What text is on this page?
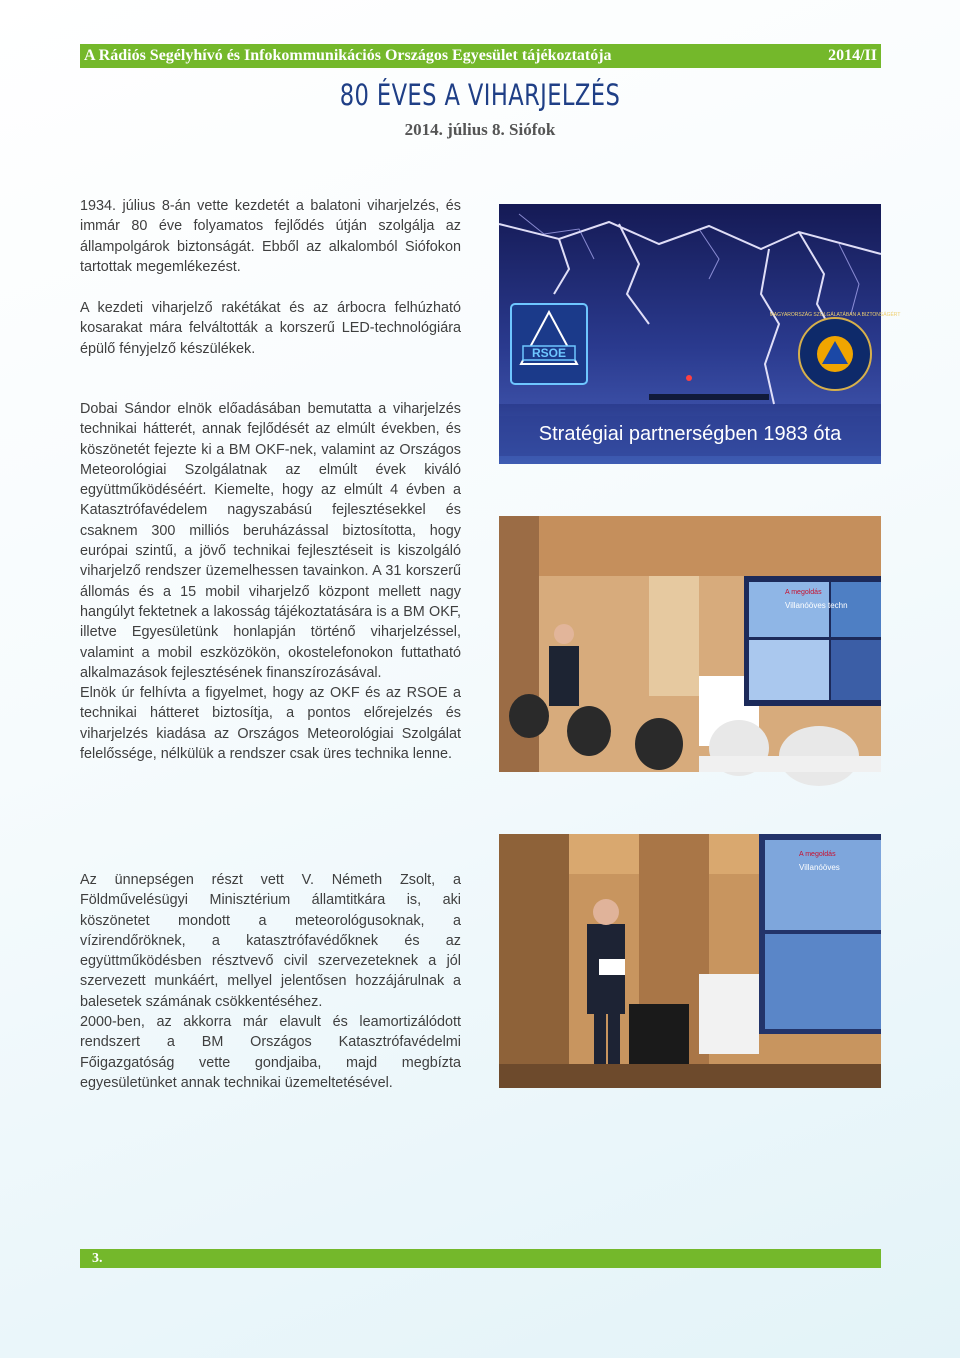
A Rádiós Segélyhívó és Infokommunikációs Országos Egyesület tájékoztatója	2014/II
80 ÉVES A VIHARJELZÉS
2014. július 8. Siófok

1934. július 8-án vette kezdetét a balatoni viharjelzés, és immár 80 éve folyamatos fejlődés útján szolgálja az állampolgárok biztonságát. Ebből az alkalomból Siófokon tartottak megemlékezést.

A kezdeti viharjelző rakétákat és az árbocra felhúzható kosarakat mára felváltották a korszerű LED-technológiára épülő fényjelző készülékek.

Dobai Sándor elnök előadásában bemutatta a viharjelzés technikai hátterét, annak fejlődését az elmúlt években, és köszönetét fejezte ki a BM OKF-nek, valamint az Országos Meteorológiai Szolgálatnak az elmúlt évek kiváló együttműködéséért. Kiemelte, hogy az elmúlt 4 évben a Katasztrófavédelem nagyszabású fejlesztésekkel és csaknem 300 milliós beruházással biztosította, hogy európai szintű, a jövő technikai fejlesztéseit is kiszolgáló viharjelző rendszer üzemelhessen tavainkon. A 31 korszerű állomás és a 15 mobil viharjelző központ mellett nagy hangúlyt fektetnek a lakosság tájékoztatására is a BM OKF, illetve Egyesületünk honlapján történő viharjelzéssel, valamint a mobil eszközökön, okostelefonokon futtatható alkalmazások fejlesztésének finanszírozásával.

Elnök úr felhívta a figyelmet, hogy az OKF és az RSOE a technikai hátteret biztosítja, a pontos előrejelzés és viharjelzés kiadása az Országos Meteorológiai Szolgálat felelőssége, nélkülük a rendszer csak üres technika lenne.

Az ünnepségen részt vett V. Németh Zsolt, a Földművelésügyi Minisztérium államtitkára is, aki köszönetet mondott a meteorológusoknak, a vízirendőröknek, a katasztrófavédőknek és az együttműködésben résztvevő civil szervezeteknek a jól szervezett munkáért, mellyel jelentősen hozzájárulnak a balesetek számának csökkentéséhez.

2000-ben, az akkorra már elavult és leamortizálódott rendszert a BM Országos Katasztrófavédelmi Főigazgatóság vette gondjaiba, majd megbízta egyesületünket annak technikai üzemeltetésével.

RSOE
MAGYARORSZÁG SZOLGÁLATÁBAN A BIZTONSÁGÉRT
Stratégiai partnerségben 1983 óta
A megoldás
Villanóöves techn
A megoldás
Villanóöves
3.
